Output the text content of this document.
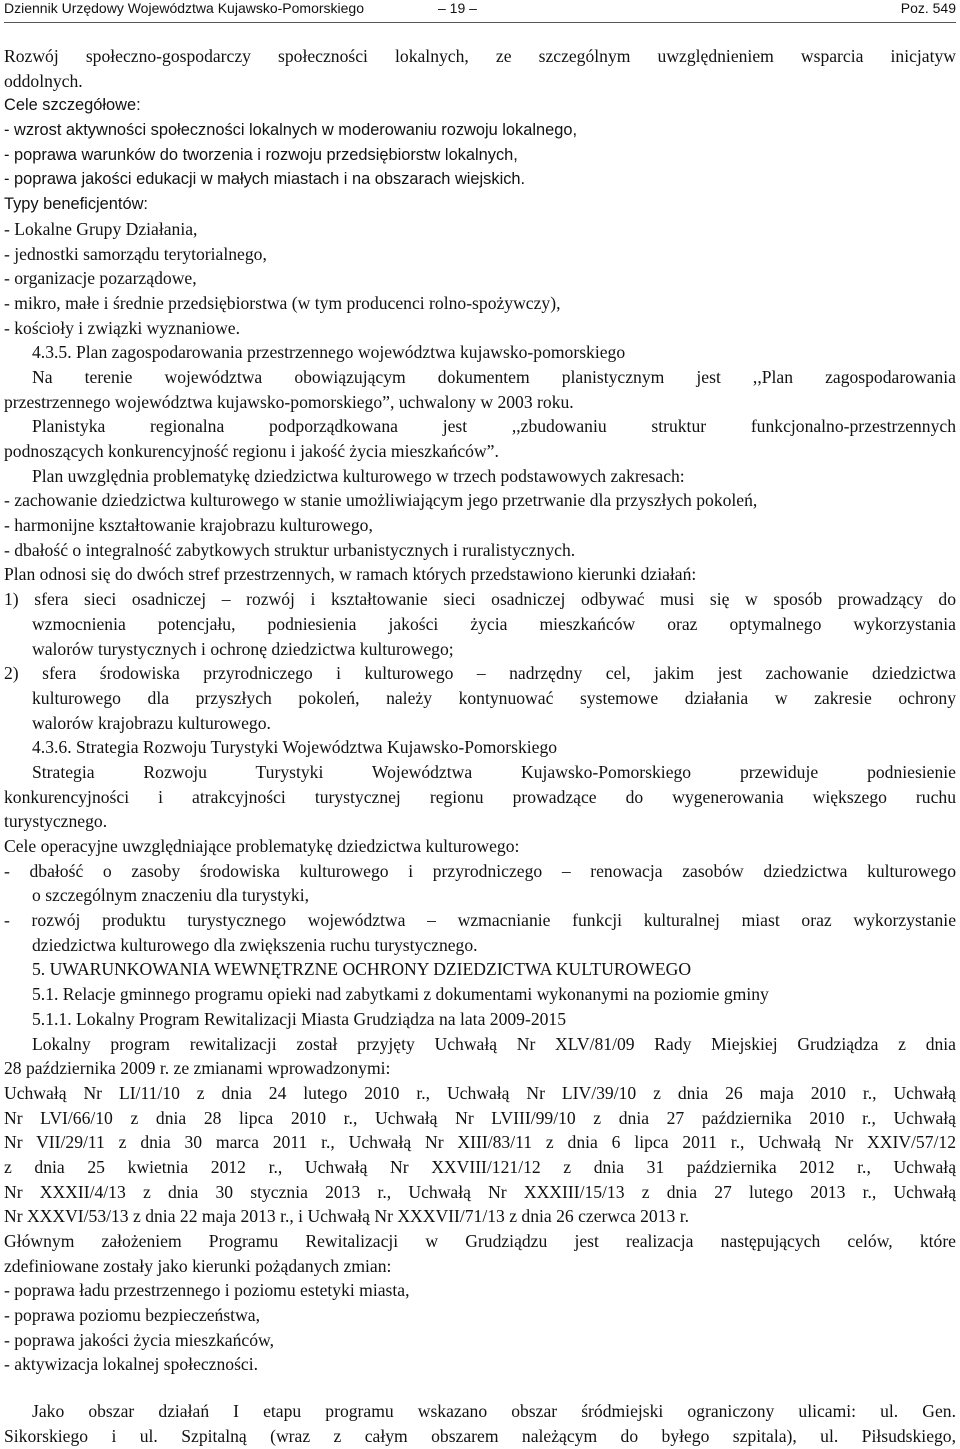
Dziennik Urzędowy Województwa Kujawsko-Pomorskiego	– 19 –	Poz. 549
Rozwój społeczno-gospodarczy społeczności lokalnych, ze szczególnym uwzględnieniem wsparcia inicjatyw
oddolnych.
Cele szczegółowe:
- wzrost aktywności społeczności lokalnych w moderowaniu rozwoju lokalnego,
- poprawa warunków do tworzenia i rozwoju przedsiębiorstw lokalnych,
- poprawa jakości edukacji w małych miastach i na obszarach wiejskich.
Typy beneficjentów:
- Lokalne Grupy Działania,
- jednostki samorządu terytorialnego,
- organizacje pozarządowe,
- mikro, małe i średnie przedsiębiorstwa (w tym producenci rolno-spożywczy),
- kościoły i związki wyznaniowe.
4.3.5. Plan zagospodarowania przestrzennego województwa kujawsko-pomorskiego
Na terenie województwa obowiązującym dokumentem planistycznym jest ,,Plan zagospodarowania
przestrzennego województwa kujawsko-pomorskiego”, uchwalony w 2003 roku.
Planistyka regionalna podporządkowana jest ,,zbudowaniu struktur funkcjonalno-przestrzennych
podnoszących konkurencyjność regionu i jakość życia mieszkańców”.
Plan uwzględnia problematykę dziedzictwa kulturowego w trzech podstawowych zakresach:
- zachowanie dziedzictwa kulturowego w stanie umożliwiającym jego przetrwanie dla przyszłych pokoleń,
- harmonijne kształtowanie krajobrazu kulturowego,
- dbałość o integralność zabytkowych struktur urbanistycznych i ruralistycznych.
Plan odnosi się do dwóch stref przestrzennych, w ramach których przedstawiono kierunki działań:
1) sfera sieci osadniczej – rozwój i kształtowanie sieci osadniczej odbywać musi się w sposób prowadzący do
wzmocnienia potencjału, podniesienia jakości życia mieszkańców oraz optymalnego wykorzystania
walorów turystycznych i ochronę dziedzictwa kulturowego;
2) sfera środowiska przyrodniczego i kulturowego – nadrzędny cel, jakim jest zachowanie dziedzictwa
kulturowego dla przyszłych pokoleń, należy kontynuować systemowe działania w zakresie ochrony
walorów krajobrazu kulturowego.
4.3.6. Strategia Rozwoju Turystyki Województwa Kujawsko-Pomorskiego
Strategia Rozwoju Turystyki Województwa Kujawsko-Pomorskiego przewiduje podniesienie
konkurencyjności i atrakcyjności turystycznej regionu prowadzące do wygenerowania większego ruchu
turystycznego.
Cele operacyjne uwzględniające problematykę dziedzictwa kulturowego:
- dbałość o zasoby środowiska kulturowego i przyrodniczego – renowacja zasobów dziedzictwa kulturowego
o szczególnym znaczeniu dla turystyki,
- rozwój produktu turystycznego województwa – wzmacnianie funkcji kulturalnej miast oraz wykorzystanie
dziedzictwa kulturowego dla zwiększenia ruchu turystycznego.
5. UWARUNKOWANIA WEWNĘTRZNE OCHRONY DZIEDZICTWA KULTUROWEGO
5.1. Relacje gminnego programu opieki nad zabytkami z dokumentami wykonanymi na poziomie gminy
5.1.1. Lokalny Program Rewitalizacji Miasta Grudziądza na lata 2009-2015
Lokalny program rewitalizacji został przyjęty Uchwałą Nr XLV/81/09 Rady Miejskiej Grudziądza z dnia
28 października 2009 r. ze zmianami wprowadzonymi:
Uchwałą Nr LI/11/10 z dnia 24 lutego 2010 r., Uchwałą Nr LIV/39/10 z dnia 26 maja 2010 r., Uchwałą
Nr LVI/66/10 z dnia 28 lipca 2010 r., Uchwałą Nr LVIII/99/10 z dnia 27 października 2010 r., Uchwałą
Nr VII/29/11 z dnia 30 marca 2011 r., Uchwałą Nr XIII/83/11 z dnia 6 lipca 2011 r., Uchwałą Nr XXIV/57/12
z dnia 25 kwietnia 2012 r., Uchwałą Nr XXVIII/121/12 z dnia 31 października 2012 r., Uchwałą
Nr XXXII/4/13 z dnia 30 stycznia 2013 r., Uchwałą Nr XXXIII/15/13 z dnia 27 lutego 2013 r., Uchwałą
Nr XXXVI/53/13 z dnia 22 maja 2013 r., i Uchwałą Nr XXXVII/71/13 z dnia 26 czerwca 2013 r.
Głównym założeniem Programu Rewitalizacji w Grudziądzu jest realizacja następujących celów, które
zdefiniowane zostały jako kierunki pożądanych zmian:
- poprawa ładu przestrzennego i poziomu estetyki miasta,
- poprawa poziomu bezpieczeństwa,
- poprawa jakości życia mieszkańców,
- aktywizacja lokalnej społeczności.
Jako obszar działań I etapu programu wskazano obszar śródmiejski ograniczony ulicami: ul. Gen.
Sikorskiego i ul. Szpitalną (wraz z całym obszarem należącym do byłego szpitala), ul. Piłsudskiego,
